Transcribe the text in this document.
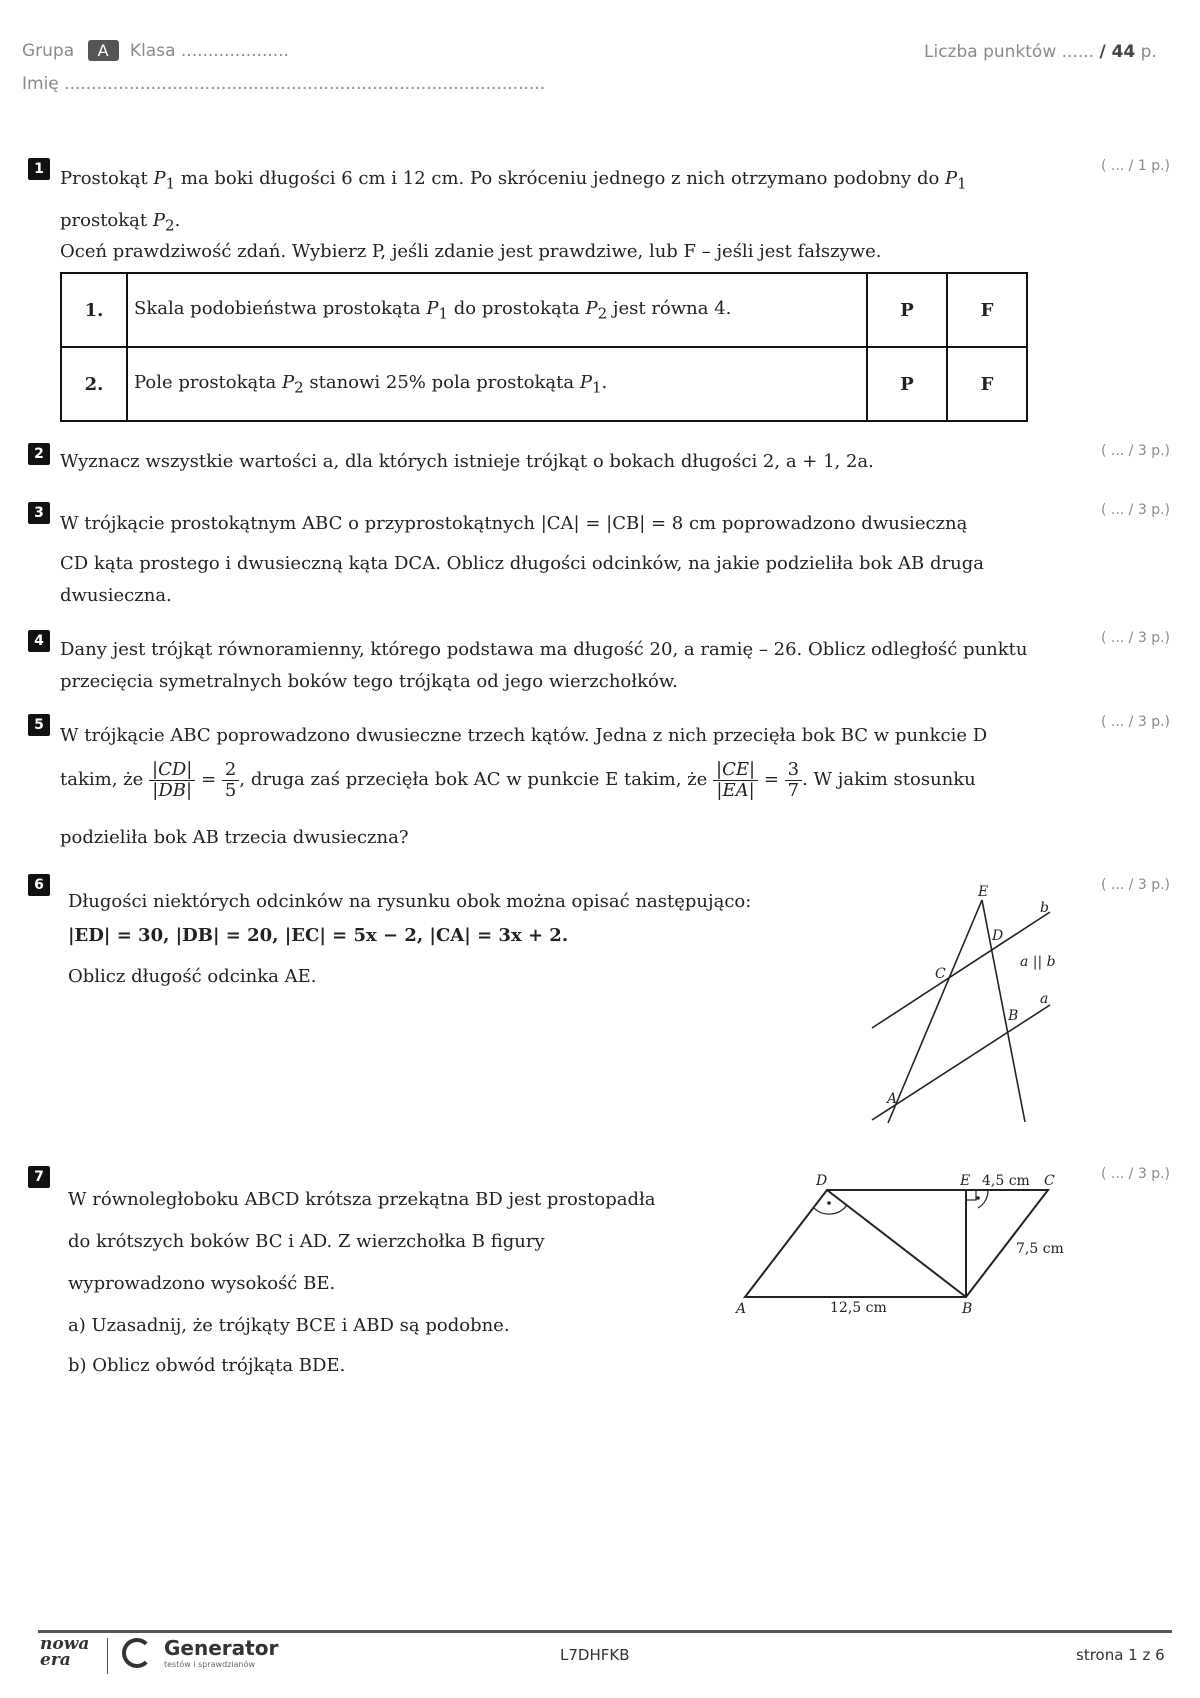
Grupa A Klasa ....................	Liczba punktów ...... / 44 p.
Imię .........................................................................................
1	( ... / 1 p.)
Prostokąt $P_1$ ma boki długości 6 cm i 12 cm. Po skróceniu jednego z nich otrzymano podobny do $P_1$
prostokąt $P_2$.
Oceń prawdziwość zdań. Wybierz P, jeśli zdanie jest prawdziwe, lub F – jeśli jest fałszywe.
1.	Skala podobieństwa prostokąta $P_1$ do prostokąta $P_2$ jest równa 4.	P	F
2.	Pole prostokąta $P_2$ stanowi 25% pola prostokąta $P_1$.	P	F
2	( ... / 3 p.)
Wyznacz wszystkie wartości a, dla których istnieje trójkąt o bokach długości 2, a + 1, 2a.
3	( ... / 3 p.)
W trójkącie prostokątnym ABC o przyprostokątnych |CA| = |CB| = 8 cm poprowadzono dwusieczną
CD kąta prostego i dwusieczną kąta DCA. Oblicz długości odcinków, na jakie podzieliła bok AB druga
dwusieczna.
4	( ... / 3 p.)
Dany jest trójkąt równoramienny, którego podstawa ma długość 20, a ramię – 26. Oblicz odległość punktu
przecięcia symetralnych boków tego trójkąta od jego wierzchołków.
5	( ... / 3 p.)
W trójkącie ABC poprowadzono dwusieczne trzech kątów. Jedna z nich przecięła bok BC w punkcie D
takim, że $\frac{|CD|}{|DB|} = \frac{2}{5}$ , druga zaś przecięła bok AC w punkcie E takim, że $\frac{|CE|}{|EA|} = \frac{3}{7}$ . W jakim stosunku
podzieliła bok AB trzecia dwusieczna?
6	( ... / 3 p.)
Długości niektórych odcinków na rysunku obok można opisać następująco:
|ED| = 30, |DB| = 20, |EC| = 5x − 2, |CA| = 3x + 2.
Oblicz długość odcinka AE.
E
D
C
B
A
b
a
a || b
7	( ... / 3 p.)
W równoległoboku ABCD krótsza przekątna BD jest prostopadła
do krótszych boków BC i AD. Z wierzchołka B figury
wyprowadzono wysokość BE.
a) Uzasadnij, że trójkąty BCE i ABD są podobne.
b) Oblicz obwód trójkąta BDE.
D	E	C
A	B
4,5 cm
7,5 cm
12,5 cm
nowa
era	Generator
testów i sprawdzianów
L7DHFKB	strona 1 z 6
